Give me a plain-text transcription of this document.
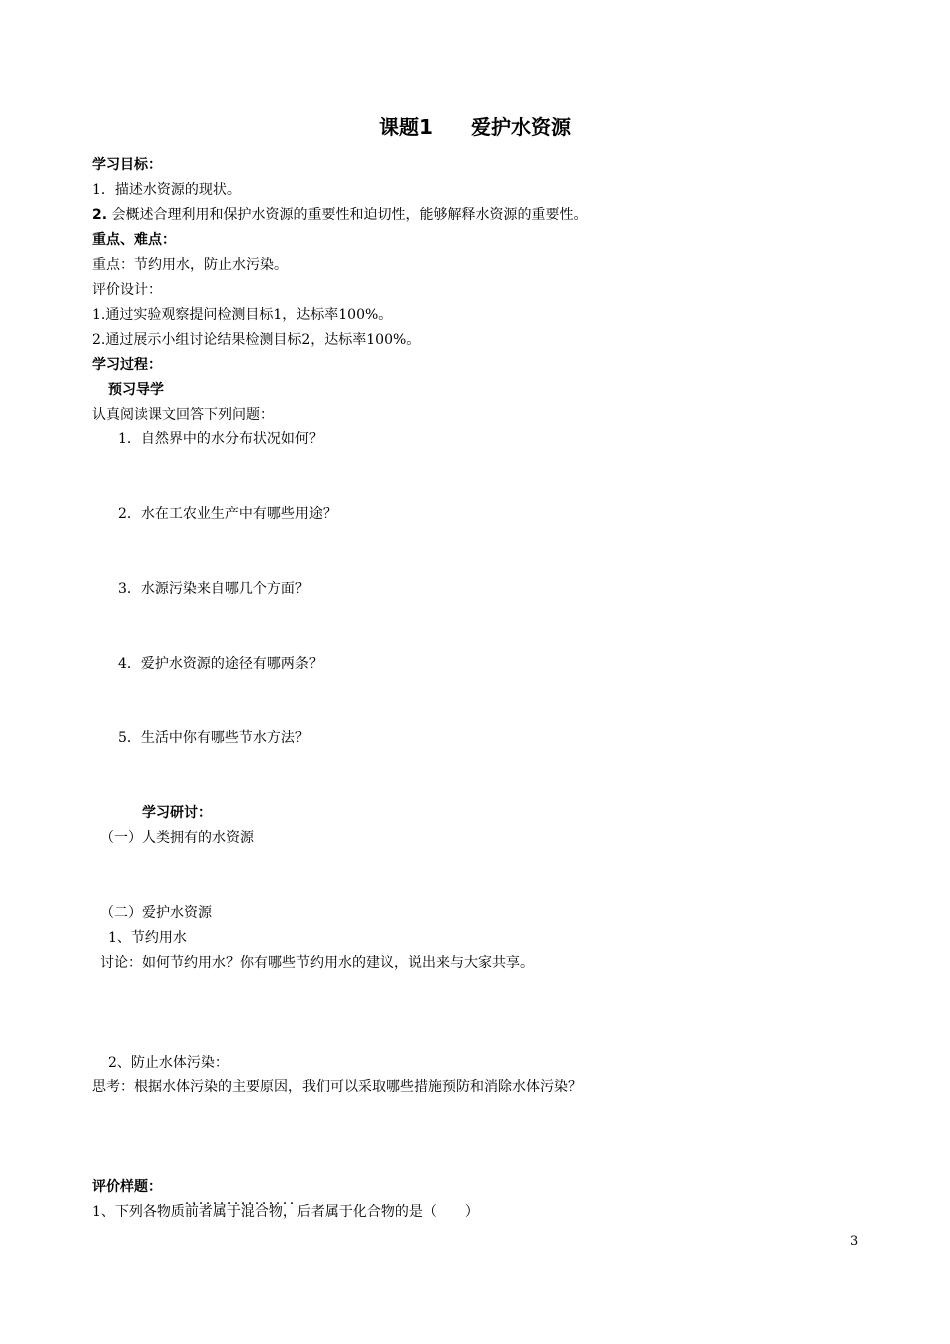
课题1 爱护水资源
学习目标：
1．描述水资源的现状。
2. 会概述合理利用和保护水资源的重要性和迫切性，能够解释水资源的重要性。
重点、难点：
重点：节约用水，防止水污染。
评价设计：
1.通过实验观察提问检测目标1，达标率100%。
2.通过展示小组讨论结果检测目标2，达标率100%。
学习过程：
预习导学
认真阅读课文回答下列问题：
1．自然界中的水分布状况如何？
2．水在工农业生产中有哪些用途？
3．水源污染来自哪几个方面？
4．爱护水资源的途径有哪两条？
5．生活中你有哪些节水方法？
学习研讨：
（一）人类拥有的水资源
（二）爱护水资源
1、节约用水
讨论：如何节约用水？你有哪些节约用水的建议，说出来与大家共享。
2、防止水体污染：
思考：根据水体污染的主要原因，我们可以采取哪些措施预防和消除水体污染？
评价样题：
1、下列各物质前者属于混合物，后者属于化合物 ．．．．．．．．．．．．．．．．的是（　　）
3
